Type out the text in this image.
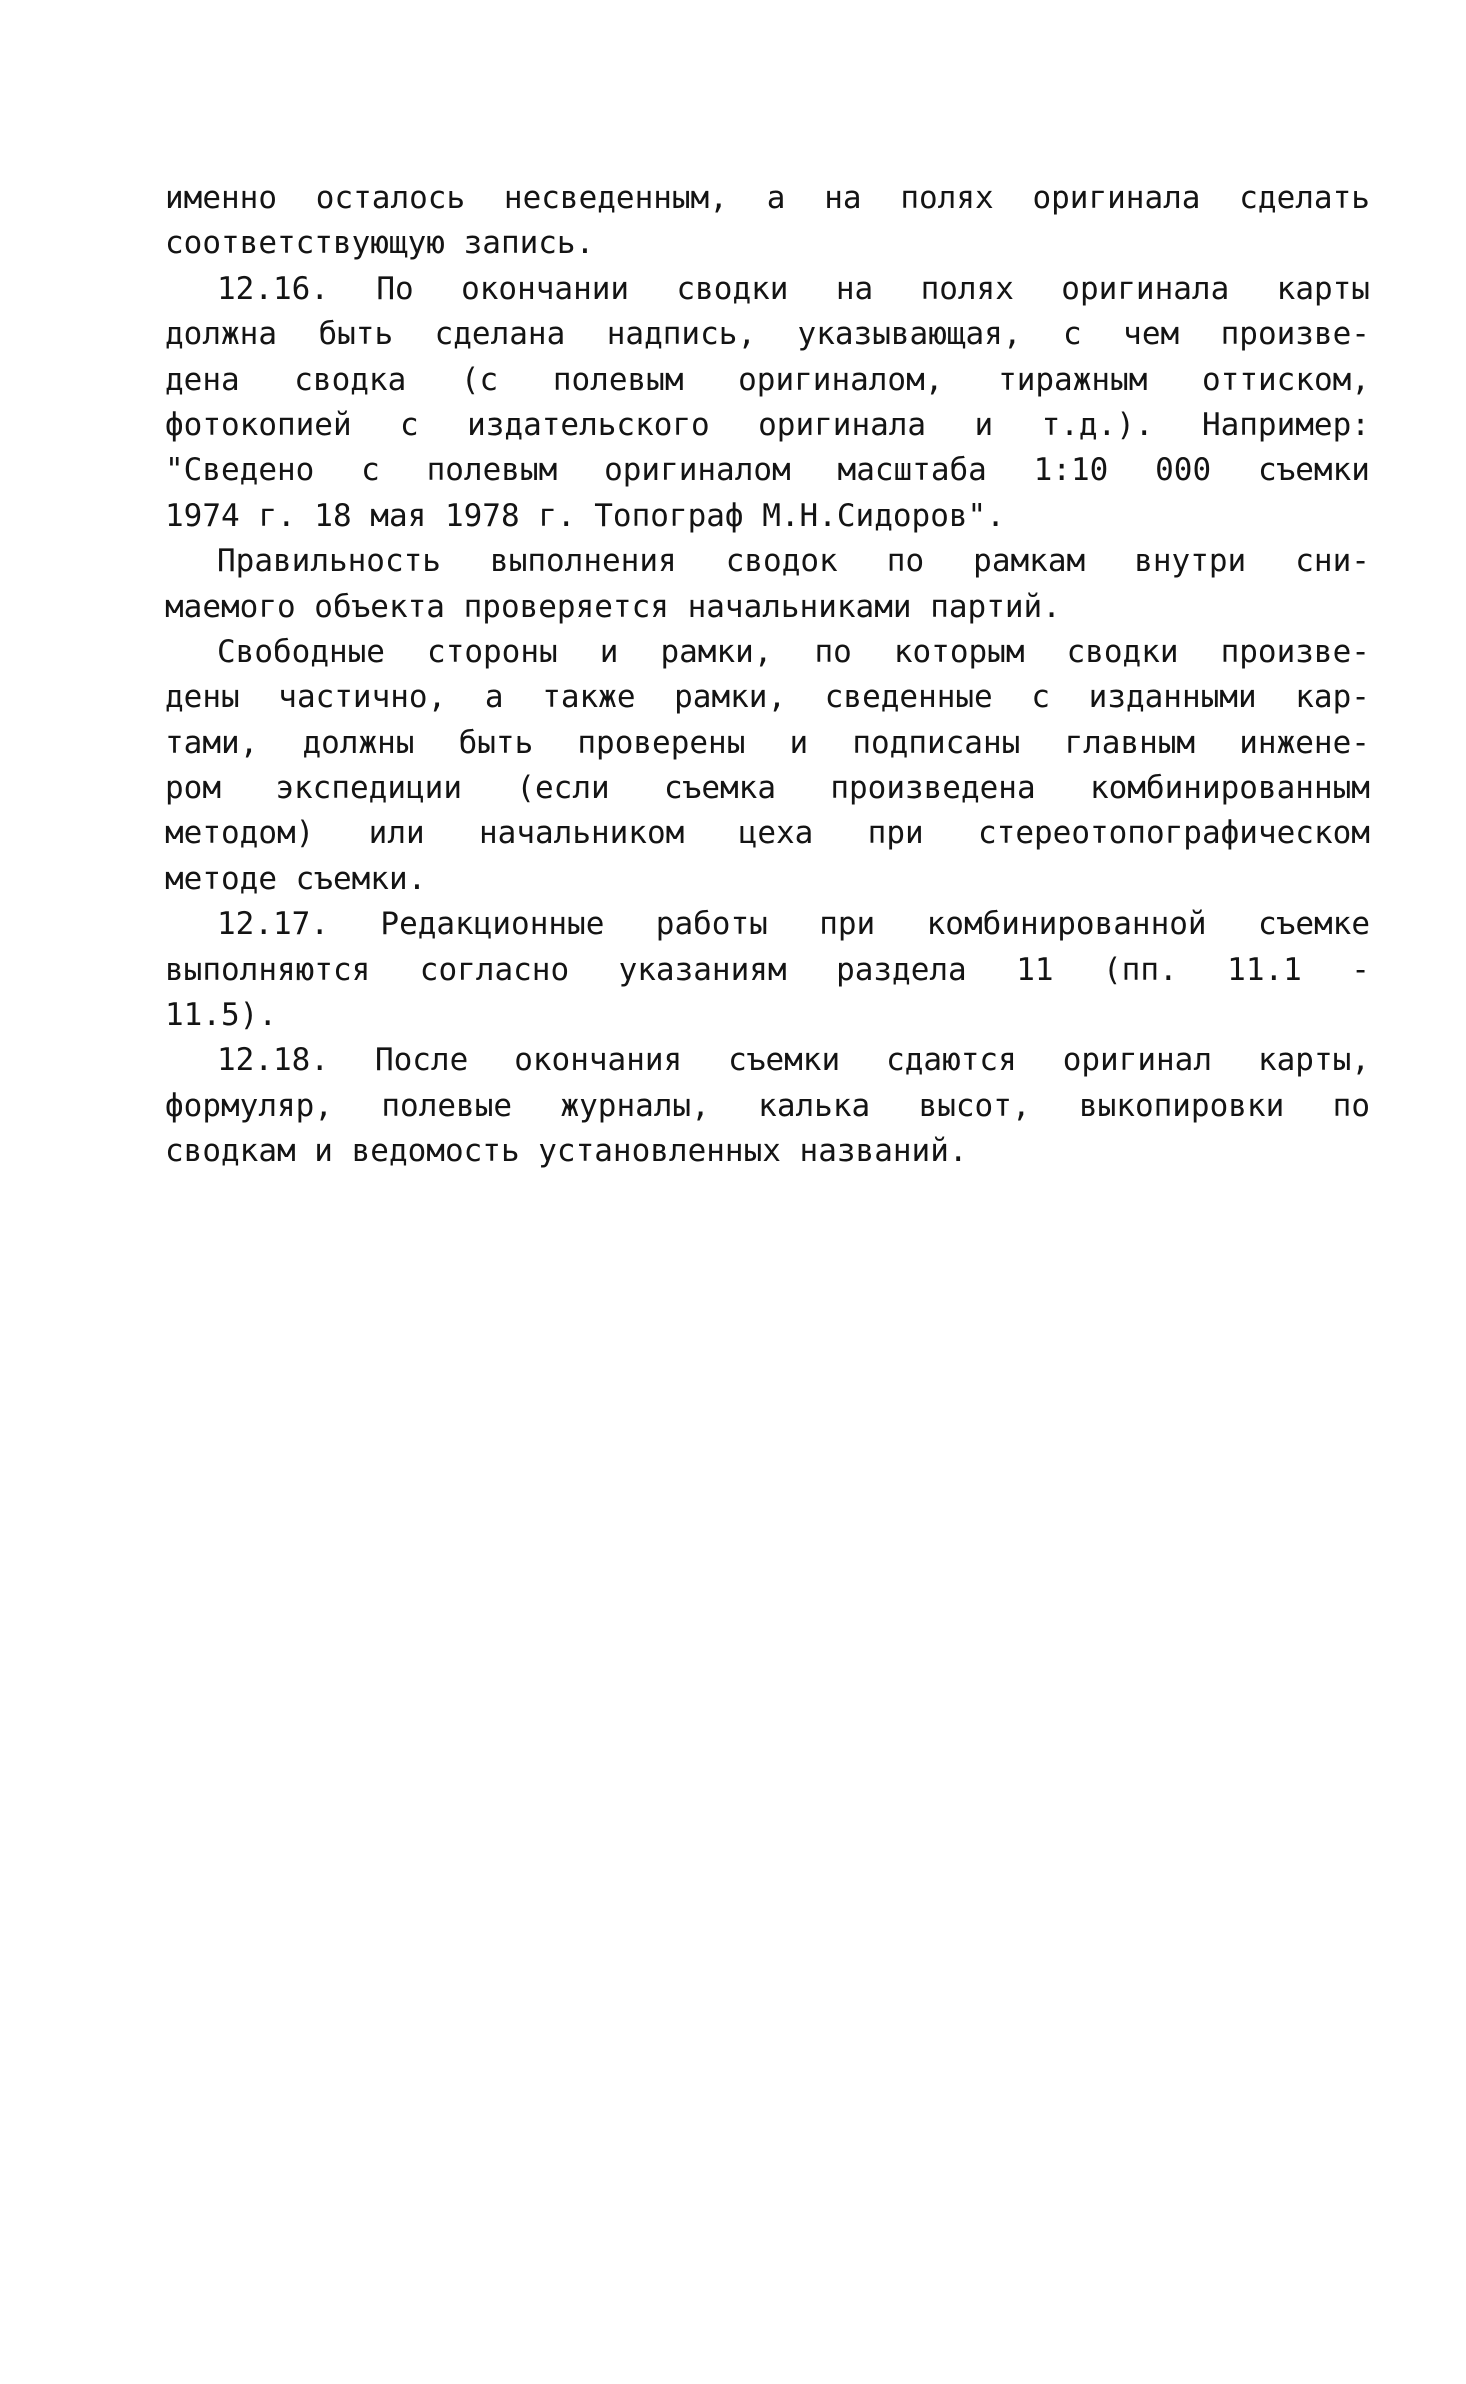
именно осталось несведенным, а на полях оригинала сделать
соответствующую запись.
12.16. По окончании сводки на полях оригинала карты
должна быть сделана надпись, указывающая, с чем произве-
дена сводка (с полевым оригиналом, тиражным оттиском,
фотокопией с издательского оригинала и т.д.). Например:
"Сведено с полевым оригиналом масштаба 1:10 000 съемки
1974 г. 18 мая 1978 г. Топограф М.Н.Сидоров".
Правильность выполнения сводок по рамкам внутри сни-
маемого объекта проверяется начальниками партий.
Свободные стороны и рамки, по которым сводки произве-
дены частично, а также рамки, сведенные с изданными кар-
тами, должны быть проверены и подписаны главным инжене-
ром экспедиции (если съемка произведена комбинированным
методом) или начальником цеха при стереотопографическом
методе съемки.
12.17. Редакционные работы при комбинированной съемке
выполняются согласно указаниям раздела 11 (пп. 11.1 -
11.5).
12.18. После окончания съемки сдаются оригинал карты,
формуляр, полевые журналы, калька высот, выкопировки по
сводкам и ведомость установленных названий.
